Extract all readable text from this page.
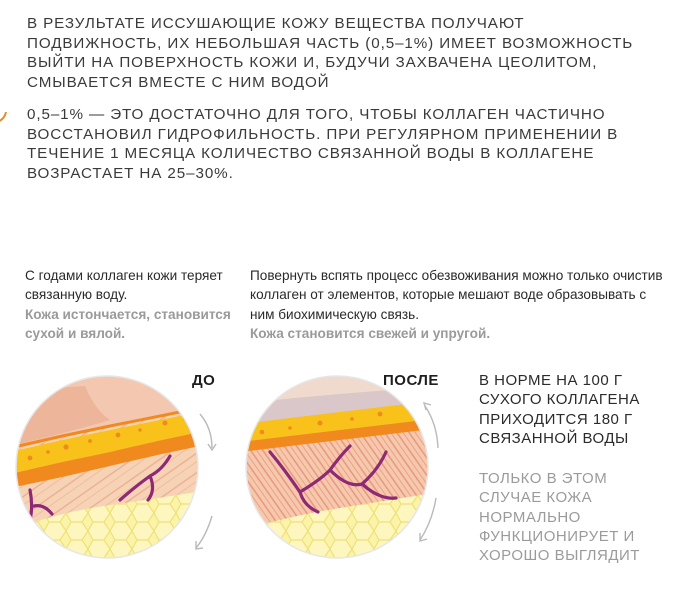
В РЕЗУЛЬТАТЕ ИССУШАЮЩИЕ КОЖУ ВЕЩЕСТВА ПОЛУЧАЮТ ПОДВИЖНОСТЬ, ИХ НЕБОЛЬШАЯ ЧАСТЬ (0,5–1%) ИМЕЕТ ВОЗМОЖНОСТЬ ВЫЙТИ НА ПОВЕРХНОСТЬ КОЖИ И, БУДУЧИ ЗАХВАЧЕНА ЦЕОЛИТОМ, СМЫВАЕТСЯ ВМЕСТЕ С НИМ ВОДОЙ

0,5–1% — ЭТО ДОСТАТОЧНО ДЛЯ ТОГО, ЧТОБЫ КОЛЛАГЕН ЧАСТИЧНО ВОССТАНОВИЛ ГИДРОФИЛЬНОСТЬ. ПРИ РЕГУЛЯРНОМ ПРИМЕНЕНИИ В ТЕЧЕНИЕ 1 МЕСЯЦА КОЛИЧЕСТВО СВЯЗАННОЙ ВОДЫ В КОЛЛАГЕНЕ ВОЗРАСТАЕТ НА 25–30%.

С годами коллаген кожи теряет связанную воду.
Кожа истончается, становится сухой и вялой.

Повернуть вспять процесс обезвоживания можно только очистив коллаген от элементов, которые мешают воде образовывать с ним биохимическую связь.
Кожа становится свежей и упругой.

ДО	ПОСЛЕ	В НОРМЕ НА 100 Г СУХОГО КОЛЛАГЕНА ПРИХОДИТСЯ 180 Г СВЯЗАННОЙ ВОДЫ

ТОЛЬКО В ЭТОМ СЛУЧАЕ КОЖА НОРМАЛЬНО ФУНКЦИОНИРУЕТ И ХОРОШО ВЫГЛЯДИТ
